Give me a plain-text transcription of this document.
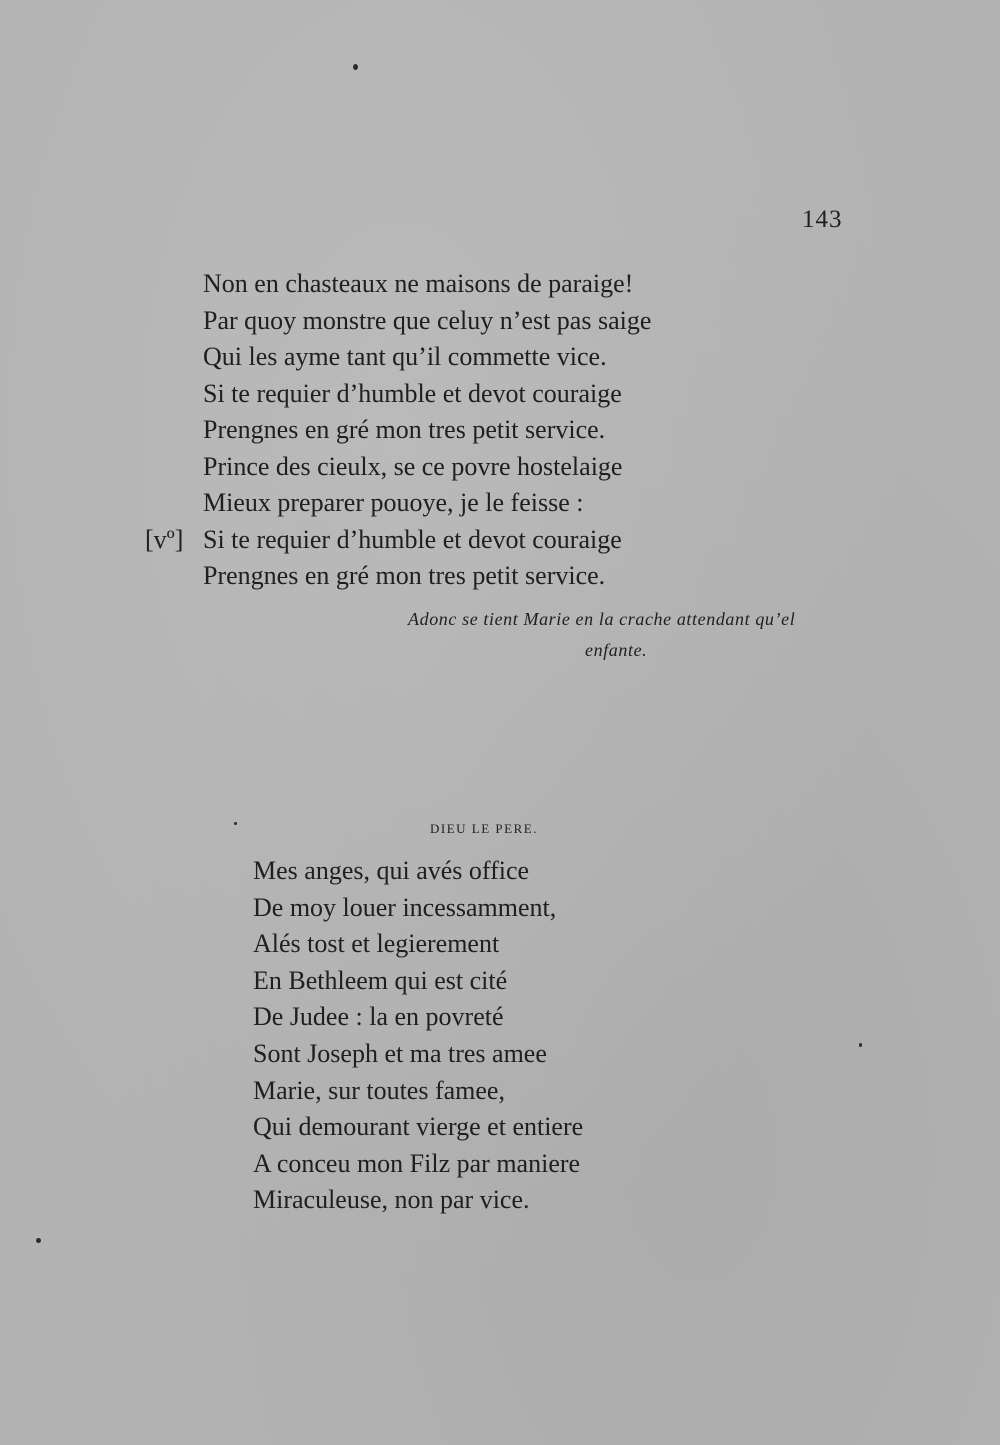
143
Non en chasteaux ne maisons de paraige!
Par quoy monstre que celuy n’est pas saige
Qui les ayme tant qu’il commette vice.
Si te requier d’humble et devot couraige
Prengnes en gré mon tres petit service.
Prince des cieulx, se ce povre hostelaige
Mieux preparer pouoye, je le feisse :
[vº] Si te requier d’humble et devot couraige
Prengnes en gré mon tres petit service.
Adonc se tient Marie en la crache attendant qu’el
enfante.
DIEU LE PERE.
Mes anges, qui avés office
De moy louer incessamment,
Alés tost et legierement
En Bethleem qui est cité
De Judee : la en povreté
Sont Joseph et ma tres amee
Marie, sur toutes famee,
Qui demourant vierge et entiere
A conceu mon Filz par maniere
Miraculeuse, non par vice.
